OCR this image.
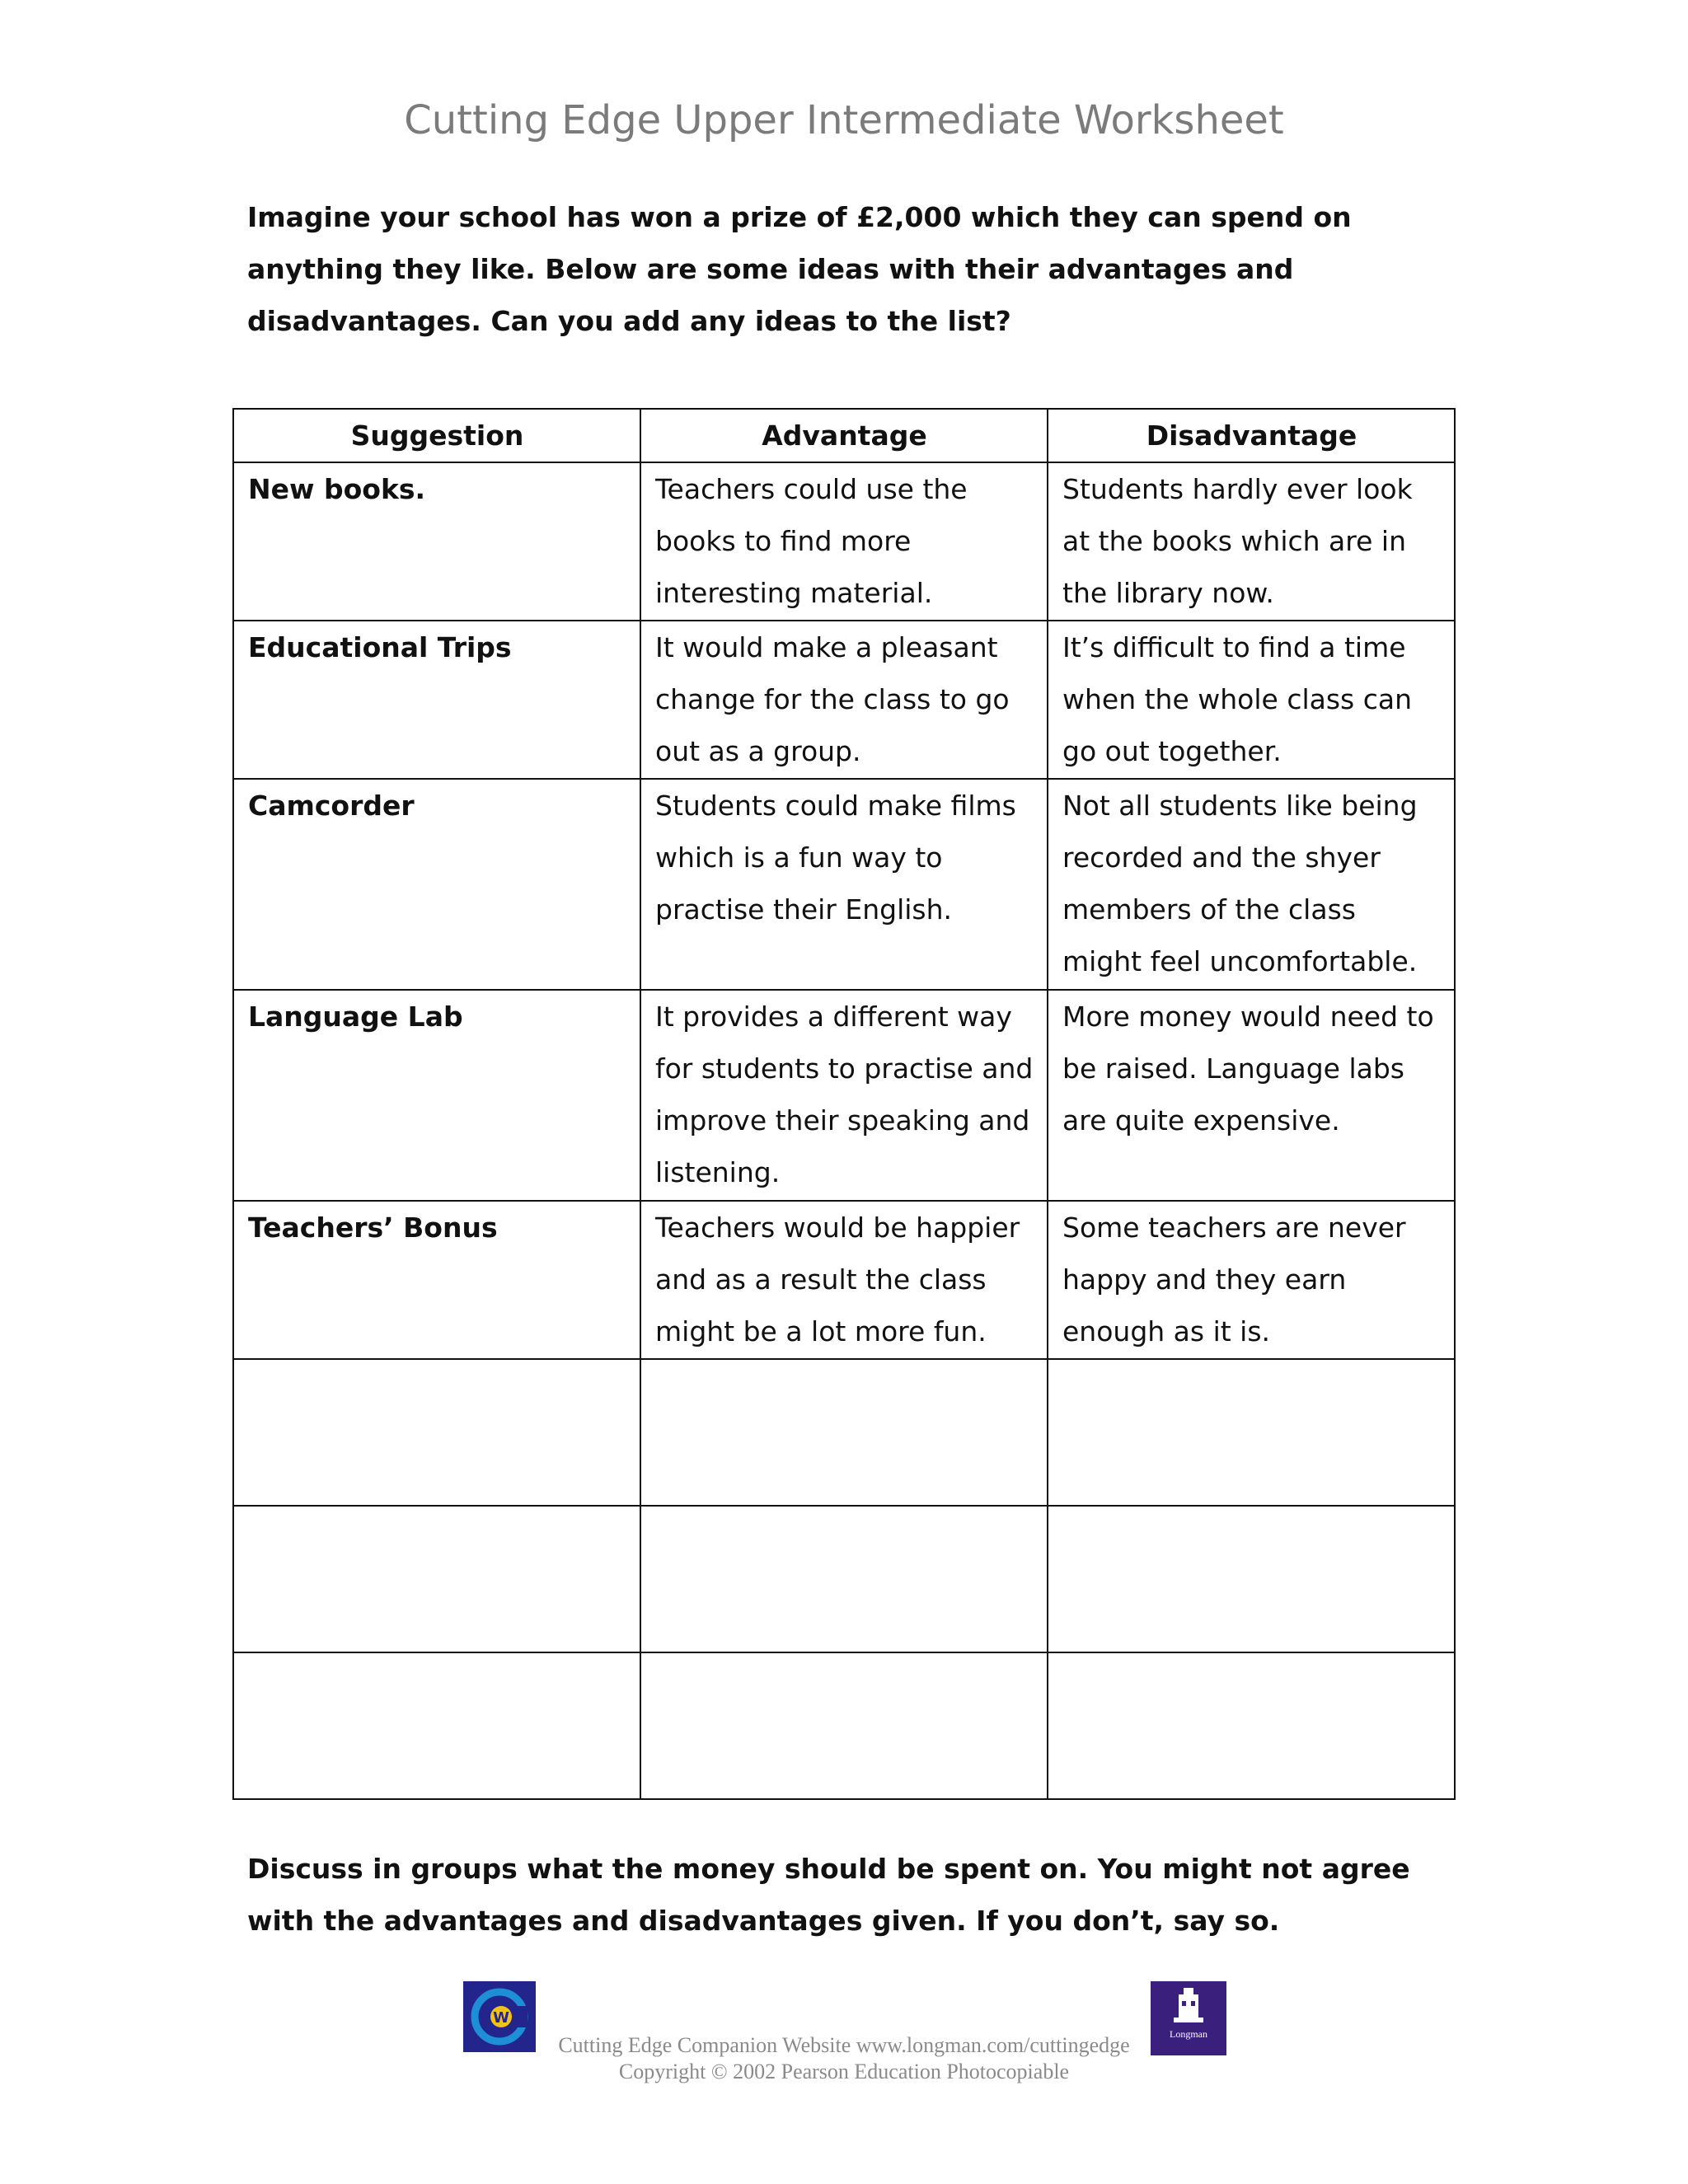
Cutting Edge Upper Intermediate Worksheet

Imagine your school has won a prize of £2,000 which they can spend on anything they like. Below are some ideas with their advantages and disadvantages. Can you add any ideas to the list?

Suggestion	Advantage	Disadvantage
New books.	Teachers could use the books to find more interesting material.	Students hardly ever look at the books which are in the library now.
Educational Trips	It would make a pleasant change for the class to go out as a group.	It’s difficult to find a time when the whole class can go out together.
Camcorder	Students could make films which is a fun way to practise their English.	Not all students like being recorded and the shyer members of the class might feel uncomfortable.
Language Lab	It provides a different way for students to practise and improve their speaking and listening.	More money would need to be raised. Language labs are quite expensive.
Teachers’ Bonus	Teachers would be happier and as a result the class might be a lot more fun.	Some teachers are never happy and they earn enough as it is.

Discuss in groups what the money should be spent on. You might not agree with the advantages and disadvantages given. If you don’t, say so.

W
Longman
Cutting Edge Companion Website www.longman.com/cuttingedge
Copyright © 2002 Pearson Education Photocopiable
